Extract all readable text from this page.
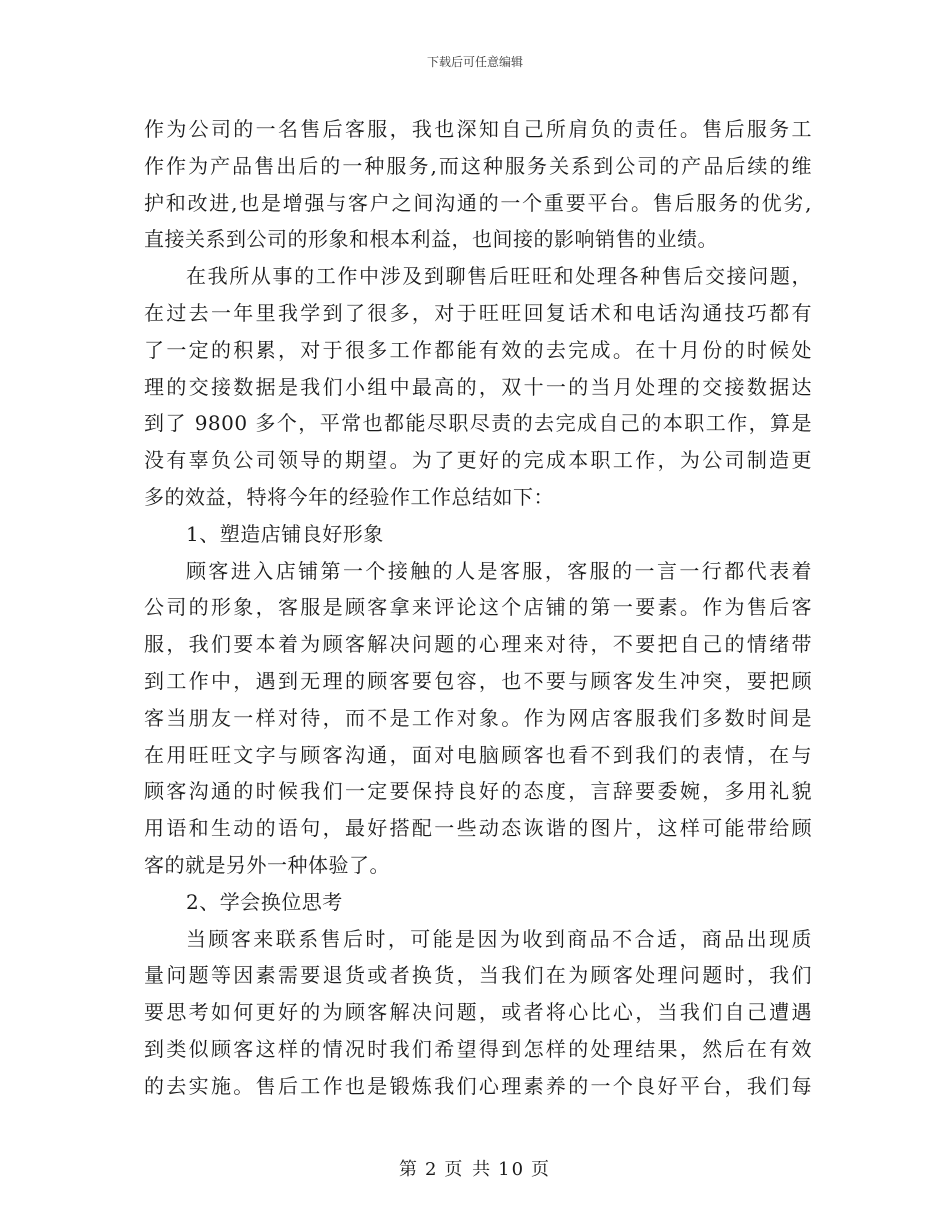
下载后可任意编辑
作为公司的一名售后客服，我也深知自己所肩负的责任。售后服务工
作作为产品售出后的一种服务,而这种服务关系到公司的产品后续的维
护和改进,也是增强与客户之间沟通的一个重要平台。售后服务的优劣,
直接关系到公司的形象和根本利益，也间接的影响销售的业绩。
在我所从事的工作中涉及到聊售后旺旺和处理各种售后交接问题，
在过去一年里我学到了很多，对于旺旺回复话术和电话沟通技巧都有
了一定的积累，对于很多工作都能有效的去完成。在十月份的时候处
理的交接数据是我们小组中最高的，双十一的当月处理的交接数据达
到了 9800 多个，平常也都能尽职尽责的去完成自己的本职工作，算是
没有辜负公司领导的期望。为了更好的完成本职工作，为公司制造更
多的效益，特将今年的经验作工作总结如下：
1、塑造店铺良好形象
顾客进入店铺第一个接触的人是客服，客服的一言一行都代表着
公司的形象，客服是顾客拿来评论这个店铺的第一要素。作为售后客
服，我们要本着为顾客解决问题的心理来对待，不要把自己的情绪带
到工作中，遇到无理的顾客要包容，也不要与顾客发生冲突，要把顾
客当朋友一样对待，而不是工作对象。作为网店客服我们多数时间是
在用旺旺文字与顾客沟通，面对电脑顾客也看不到我们的表情，在与
顾客沟通的时候我们一定要保持良好的态度，言辞要委婉，多用礼貌
用语和生动的语句，最好搭配一些动态诙谐的图片，这样可能带给顾
客的就是另外一种体验了。
2、学会换位思考
当顾客来联系售后时，可能是因为收到商品不合适，商品出现质
量问题等因素需要退货或者换货，当我们在为顾客处理问题时，我们
要思考如何更好的为顾客解决问题，或者将心比心，当我们自己遭遇
到类似顾客这样的情况时我们希望得到怎样的处理结果，然后在有效
的去实施。售后工作也是锻炼我们心理素养的一个良好平台，我们每
第 2 页 共 10 页
